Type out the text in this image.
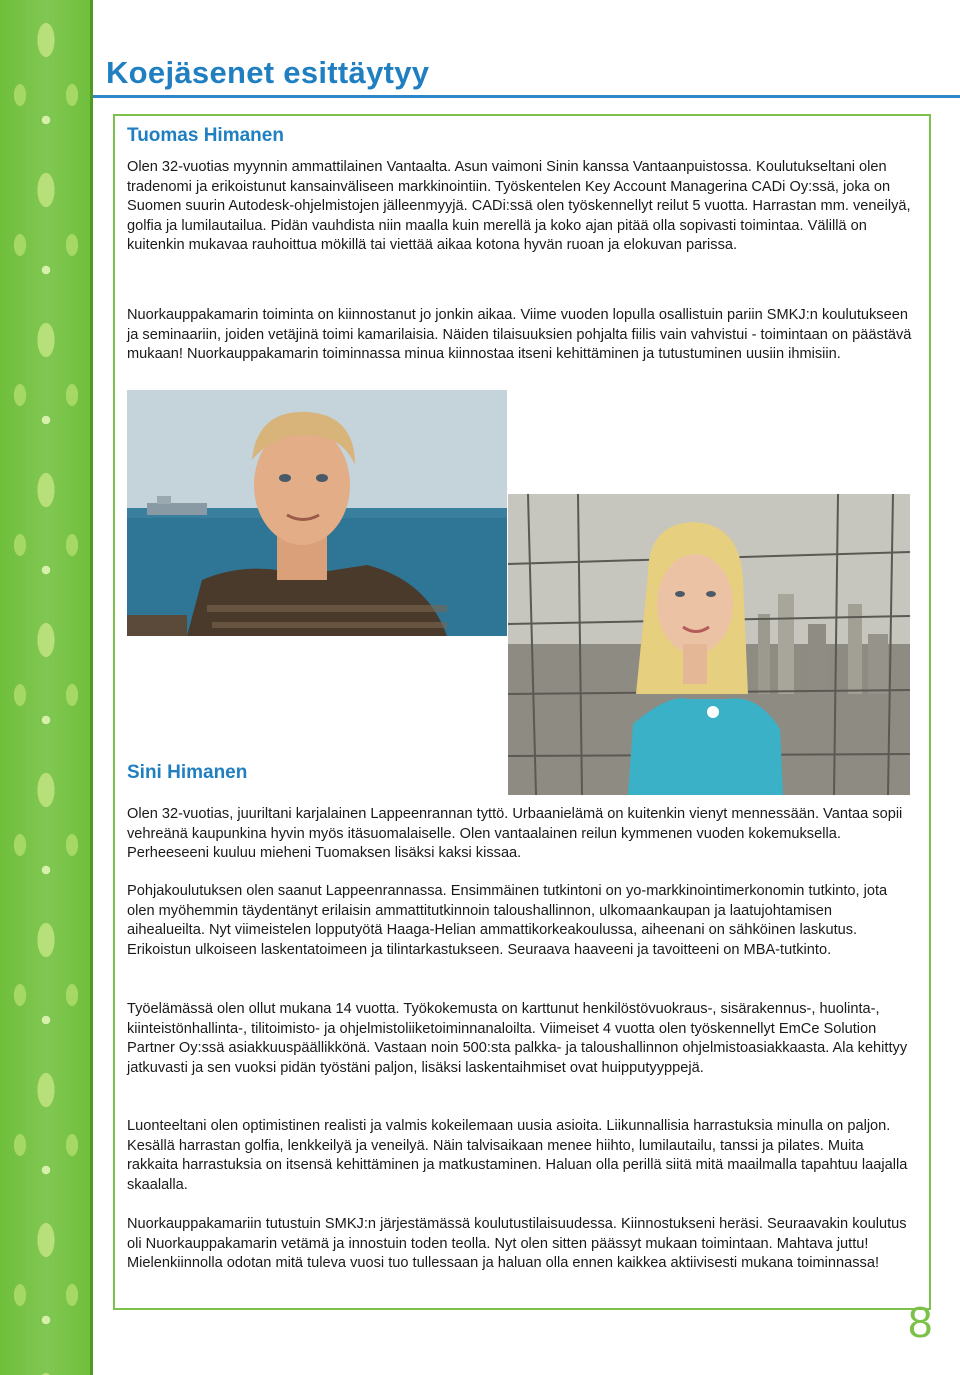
Koejäsenet esittäytyy
Tuomas Himanen

Olen 32-vuotias myynnin ammattilainen Vantaalta. Asun vaimoni Sinin kanssa Vantaanpuistossa. Koulutukseltani olen tradenomi ja erikoistunut kansainväliseen markkinointiin. Työskentelen Key Account Managerina CADi Oy:ssä, joka on Suomen suurin Autodesk-ohjelmistojen jälleenmyyjä. CADi:ssä olen työskennellyt reilut 5 vuotta. Harrastan mm. veneilyä, golfia ja lumilautailua. Pidän vauhdista niin maalla kuin merellä ja koko ajan pitää olla sopivasti toimintaa. Välillä on kuitenkin mukavaa rauhoittua mökillä tai viettää aikaa kotona hyvän ruoan ja elokuvan parissa.

Nuorkauppakamarin toiminta on kiinnostanut jo jonkin aikaa. Viime vuoden lopulla osallistuin pariin SMKJ:n koulutukseen ja seminaariin, joiden vetäjinä toimi kamarilaisia. Näiden tilaisuuksien pohjalta fiilis vain vahvistui - toimintaan on päästävä mukaan! Nuorkauppakamarin toiminnassa minua kiinnostaa itseni kehittäminen ja tutustuminen uusiin ihmisiin.

Sini Himanen

Olen 32-vuotias, juuriltani karjalainen Lappeenrannan tyttö. Urbaanielämä on kuitenkin vienyt mennessään. Vantaa sopii vehreänä kaupunkina hyvin myös itäsuomalaiselle. Olen vantaalainen reilun kymmenen vuoden kokemuksella. Perheeseeni kuuluu mieheni Tuomaksen lisäksi kaksi kissaa.

Pohjakoulutuksen olen saanut Lappeenrannassa. Ensimmäinen tutkintoni on yo-markkinointimerkonomin tutkinto, jota olen myöhemmin täydentänyt erilaisin ammattitutkinnoin taloushallinnon, ulkomaankaupan ja laatujohtamisen aihealueilta. Nyt viimeistelen lopputyötä Haaga-Helian ammattikorkeakoulussa, aiheenani on sähköinen laskutus. Erikoistun ulkoiseen laskentatoimeen ja tilintarkastukseen. Seuraava haaveeni ja tavoitteeni on MBA-tutkinto.

Työelämässä olen ollut mukana 14 vuotta. Työkokemusta on karttunut henkilöstövuokraus-, sisärakennus-, huolinta-, kiinteistönhallinta-, tilitoimisto- ja ohjelmistoliiketoiminnanaloilta. Viimeiset 4 vuotta olen työskennellyt EmCe Solution Partner Oy:ssä asiakkuuspäällikkönä. Vastaan noin 500:sta palkka- ja taloushallinnon ohjelmistoasiakkaasta. Ala kehittyy jatkuvasti ja sen vuoksi pidän työstäni paljon, lisäksi laskentaihmiset ovat huipputyyppejä.

Luonteeltani olen optimistinen realisti ja valmis kokeilemaan uusia asioita. Liikunnallisia harrastuksia minulla on paljon. Kesällä harrastan golfia, lenkkeilyä ja veneilyä. Näin talvisaikaan menee hiihto, lumilautailu, tanssi ja pilates. Muita rakkaita harrastuksia on itsensä kehittäminen ja matkustaminen. Haluan olla perillä siitä mitä maailmalla tapahtuu laajalla skaalalla.

Nuorkauppakamariin tutustuin SMKJ:n järjestämässä koulutustilaisuudessa. Kiinnostukseni heräsi. Seuraavakin koulutus oli Nuorkauppakamarin vetämä ja innostuin toden teolla. Nyt olen sitten päässyt mukaan toimintaan. Mahtava juttu! Mielenkiinnolla odotan mitä tuleva vuosi tuo tullessaan ja haluan olla ennen kaikkea aktiivisesti mukana toiminnassa!

8
